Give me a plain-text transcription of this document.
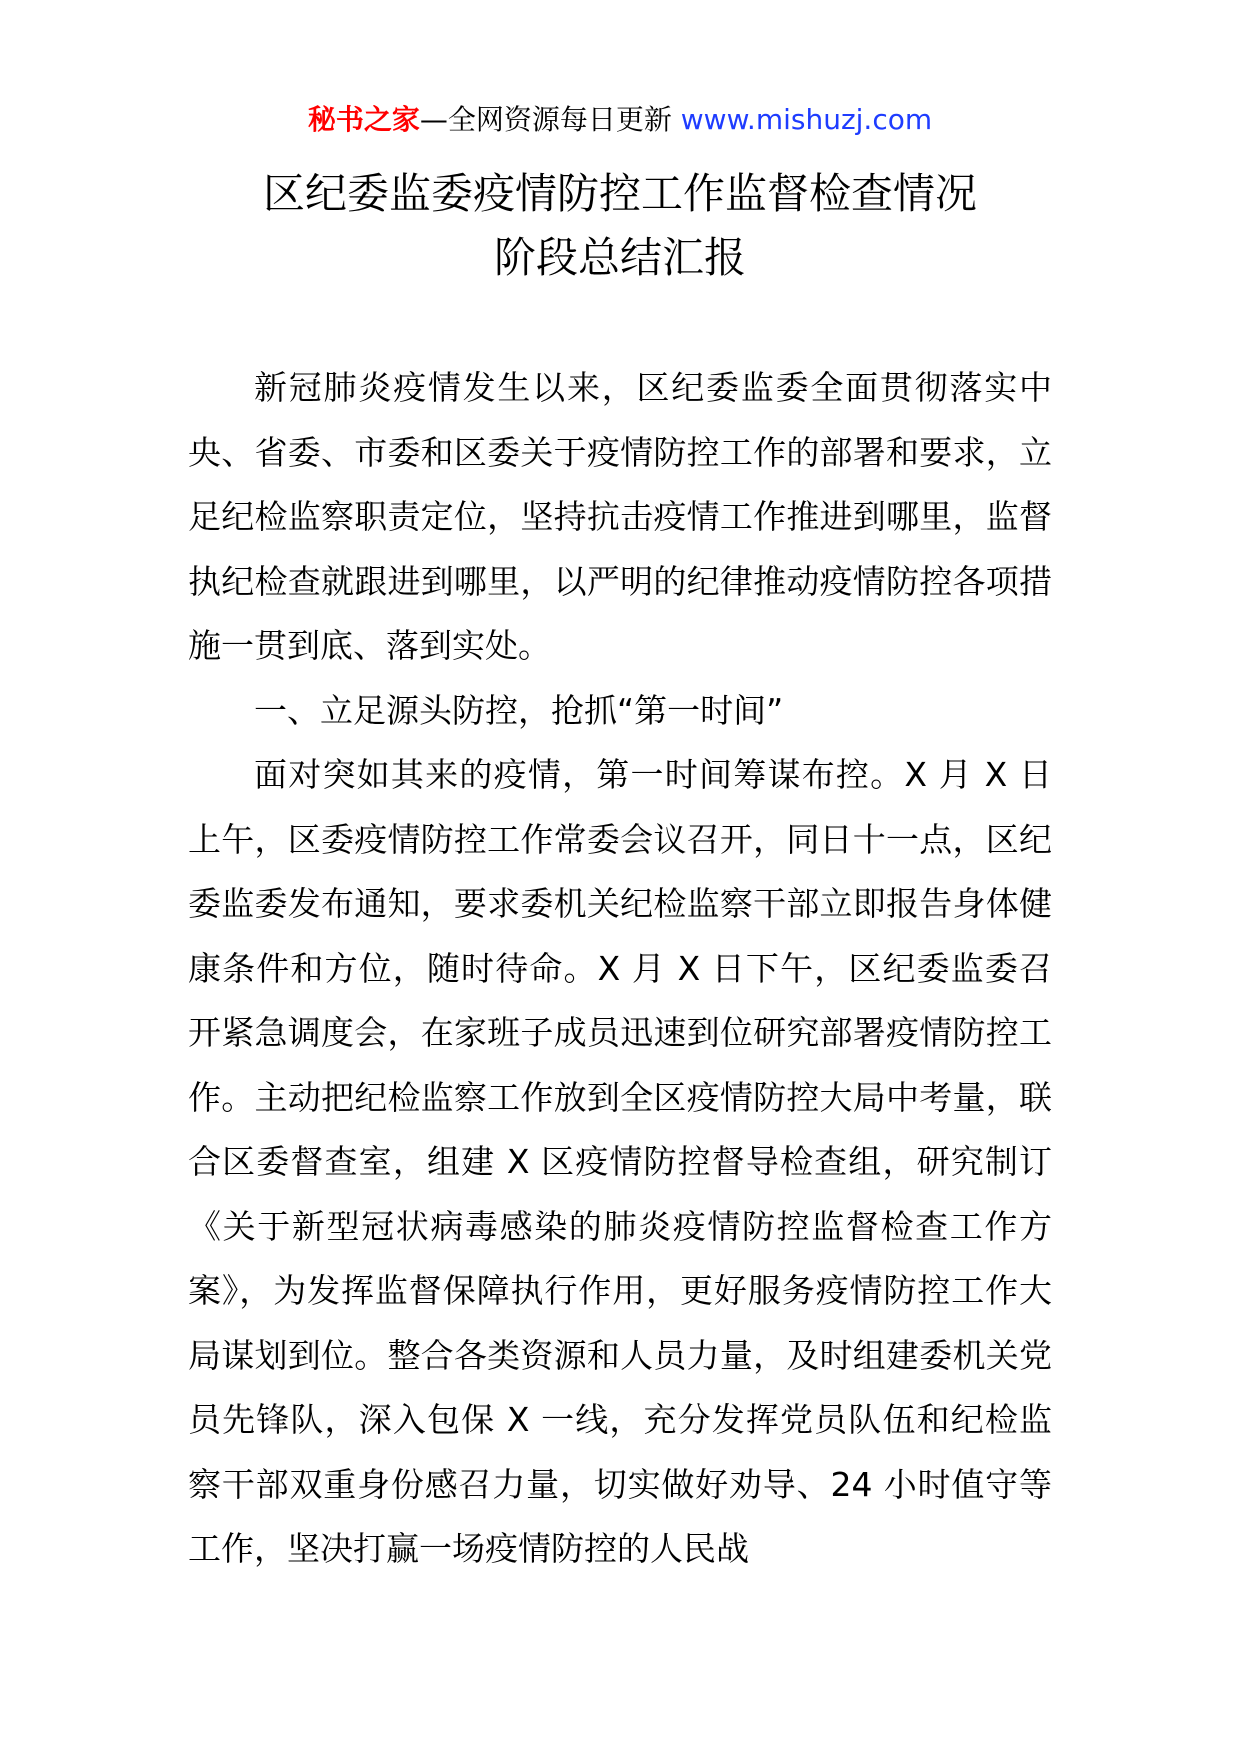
秘书之家—全网资源每日更新 www.mishuzj.com
区纪委监委疫情防控工作监督检查情况
阶段总结汇报

新冠肺炎疫情发生以来，区纪委监委全面贯彻落实中央、省委、市委和区委关于疫情防控工作的部署和要求，立足纪检监察职责定位，坚持抗击疫情工作推进到哪里，监督执纪检查就跟进到哪里，以严明的纪律推动疫情防控各项措施一贯到底、落到实处。

一、立足源头防控，抢抓“第一时间”

面对突如其来的疫情，第一时间筹谋布控。X 月 X 日上午，区委疫情防控工作常委会议召开，同日十一点，区纪委监委发布通知，要求委机关纪检监察干部立即报告身体健康条件和方位，随时待命。X 月 X 日下午，区纪委监委召开紧急调度会，在家班子成员迅速到位研究部署疫情防控工作。主动把纪检监察工作放到全区疫情防控大局中考量，联合区委督查室，组建 X 区疫情防控督导检查组，研究制订《关于新型冠状病毒感染的肺炎疫情防控监督检查工作方案》，为发挥监督保障执行作用，更好服务疫情防控工作大局谋划到位。整合各类资源和人员力量，及时组建委机关党员先锋队，深入包保 X 一线，充分发挥党员队伍和纪检监察干部双重身份感召力量，切实做好劝导、24 小时值守等工作，坚决打赢一场疫情防控的人民战
